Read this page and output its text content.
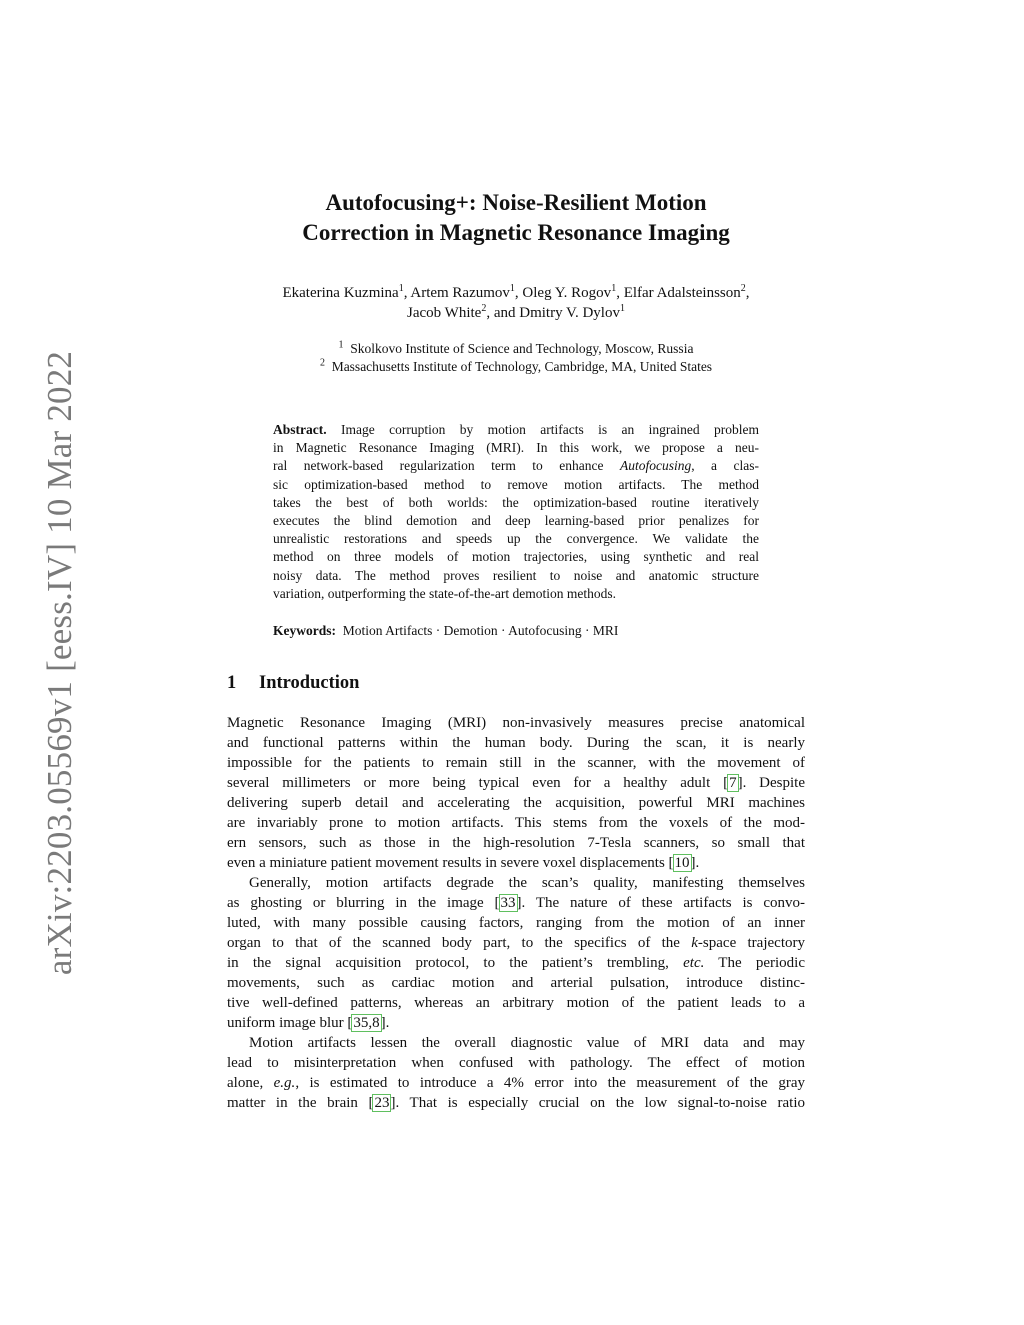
arXiv:2203.05569v1 [eess.IV] 10 Mar 2022
Autofocusing+: Noise-Resilient Motion
Correction in Magnetic Resonance Imaging
Ekaterina Kuzmina$^1$, Artem Razumov$^1$, Oleg Y. Rogov$^1$, Elfar Adalsteinsson$^2$,
Jacob White$^2$, and Dmitry V. Dylov$^1$
$^1$ Skolkovo Institute of Science and Technology, Moscow, Russia
$^2$ Massachusetts Institute of Technology, Cambridge, MA, United States
Abstract. Image corruption by motion artifacts is an ingrained problem
in Magnetic Resonance Imaging (MRI). In this work, we propose a neu-
ral network-based regularization term to enhance Autofocusing, a clas-
sic optimization-based method to remove motion artifacts. The method
takes the best of both worlds: the optimization-based routine iteratively
executes the blind demotion and deep learning-based prior penalizes for
unrealistic restorations and speeds up the convergence. We validate the
method on three models of motion trajectories, using synthetic and real
noisy data. The method proves resilient to noise and anatomic structure
variation, outperforming the state-of-the-art demotion methods.
Keywords: Motion Artifacts · Demotion · Autofocusing · MRI
1 Introduction
Magnetic Resonance Imaging (MRI) non-invasively measures precise anatomical
and functional patterns within the human body. During the scan, it is nearly
impossible for the patients to remain still in the scanner, with the movement of
several millimeters or more being typical even for a healthy adult [7]. Despite
delivering superb detail and accelerating the acquisition, powerful MRI machines
are invariably prone to motion artifacts. This stems from the voxels of the mod-
ern sensors, such as those in the high-resolution 7-Tesla scanners, so small that
even a miniature patient movement results in severe voxel displacements [10].
Generally, motion artifacts degrade the scan’s quality, manifesting themselves
as ghosting or blurring in the image [33]. The nature of these artifacts is convo-
luted, with many possible causing factors, ranging from the motion of an inner
organ to that of the scanned body part, to the specifics of the k-space trajectory
in the signal acquisition protocol, to the patient’s trembling, etc. The periodic
movements, such as cardiac motion and arterial pulsation, introduce distinc-
tive well-defined patterns, whereas an arbitrary motion of the patient leads to a
uniform image blur [35,8].
Motion artifacts lessen the overall diagnostic value of MRI data and may
lead to misinterpretation when confused with pathology. The effect of motion
alone, e.g., is estimated to introduce a 4% error into the measurement of the gray
matter in the brain [23]. That is especially crucial on the low signal-to-noise ratio
